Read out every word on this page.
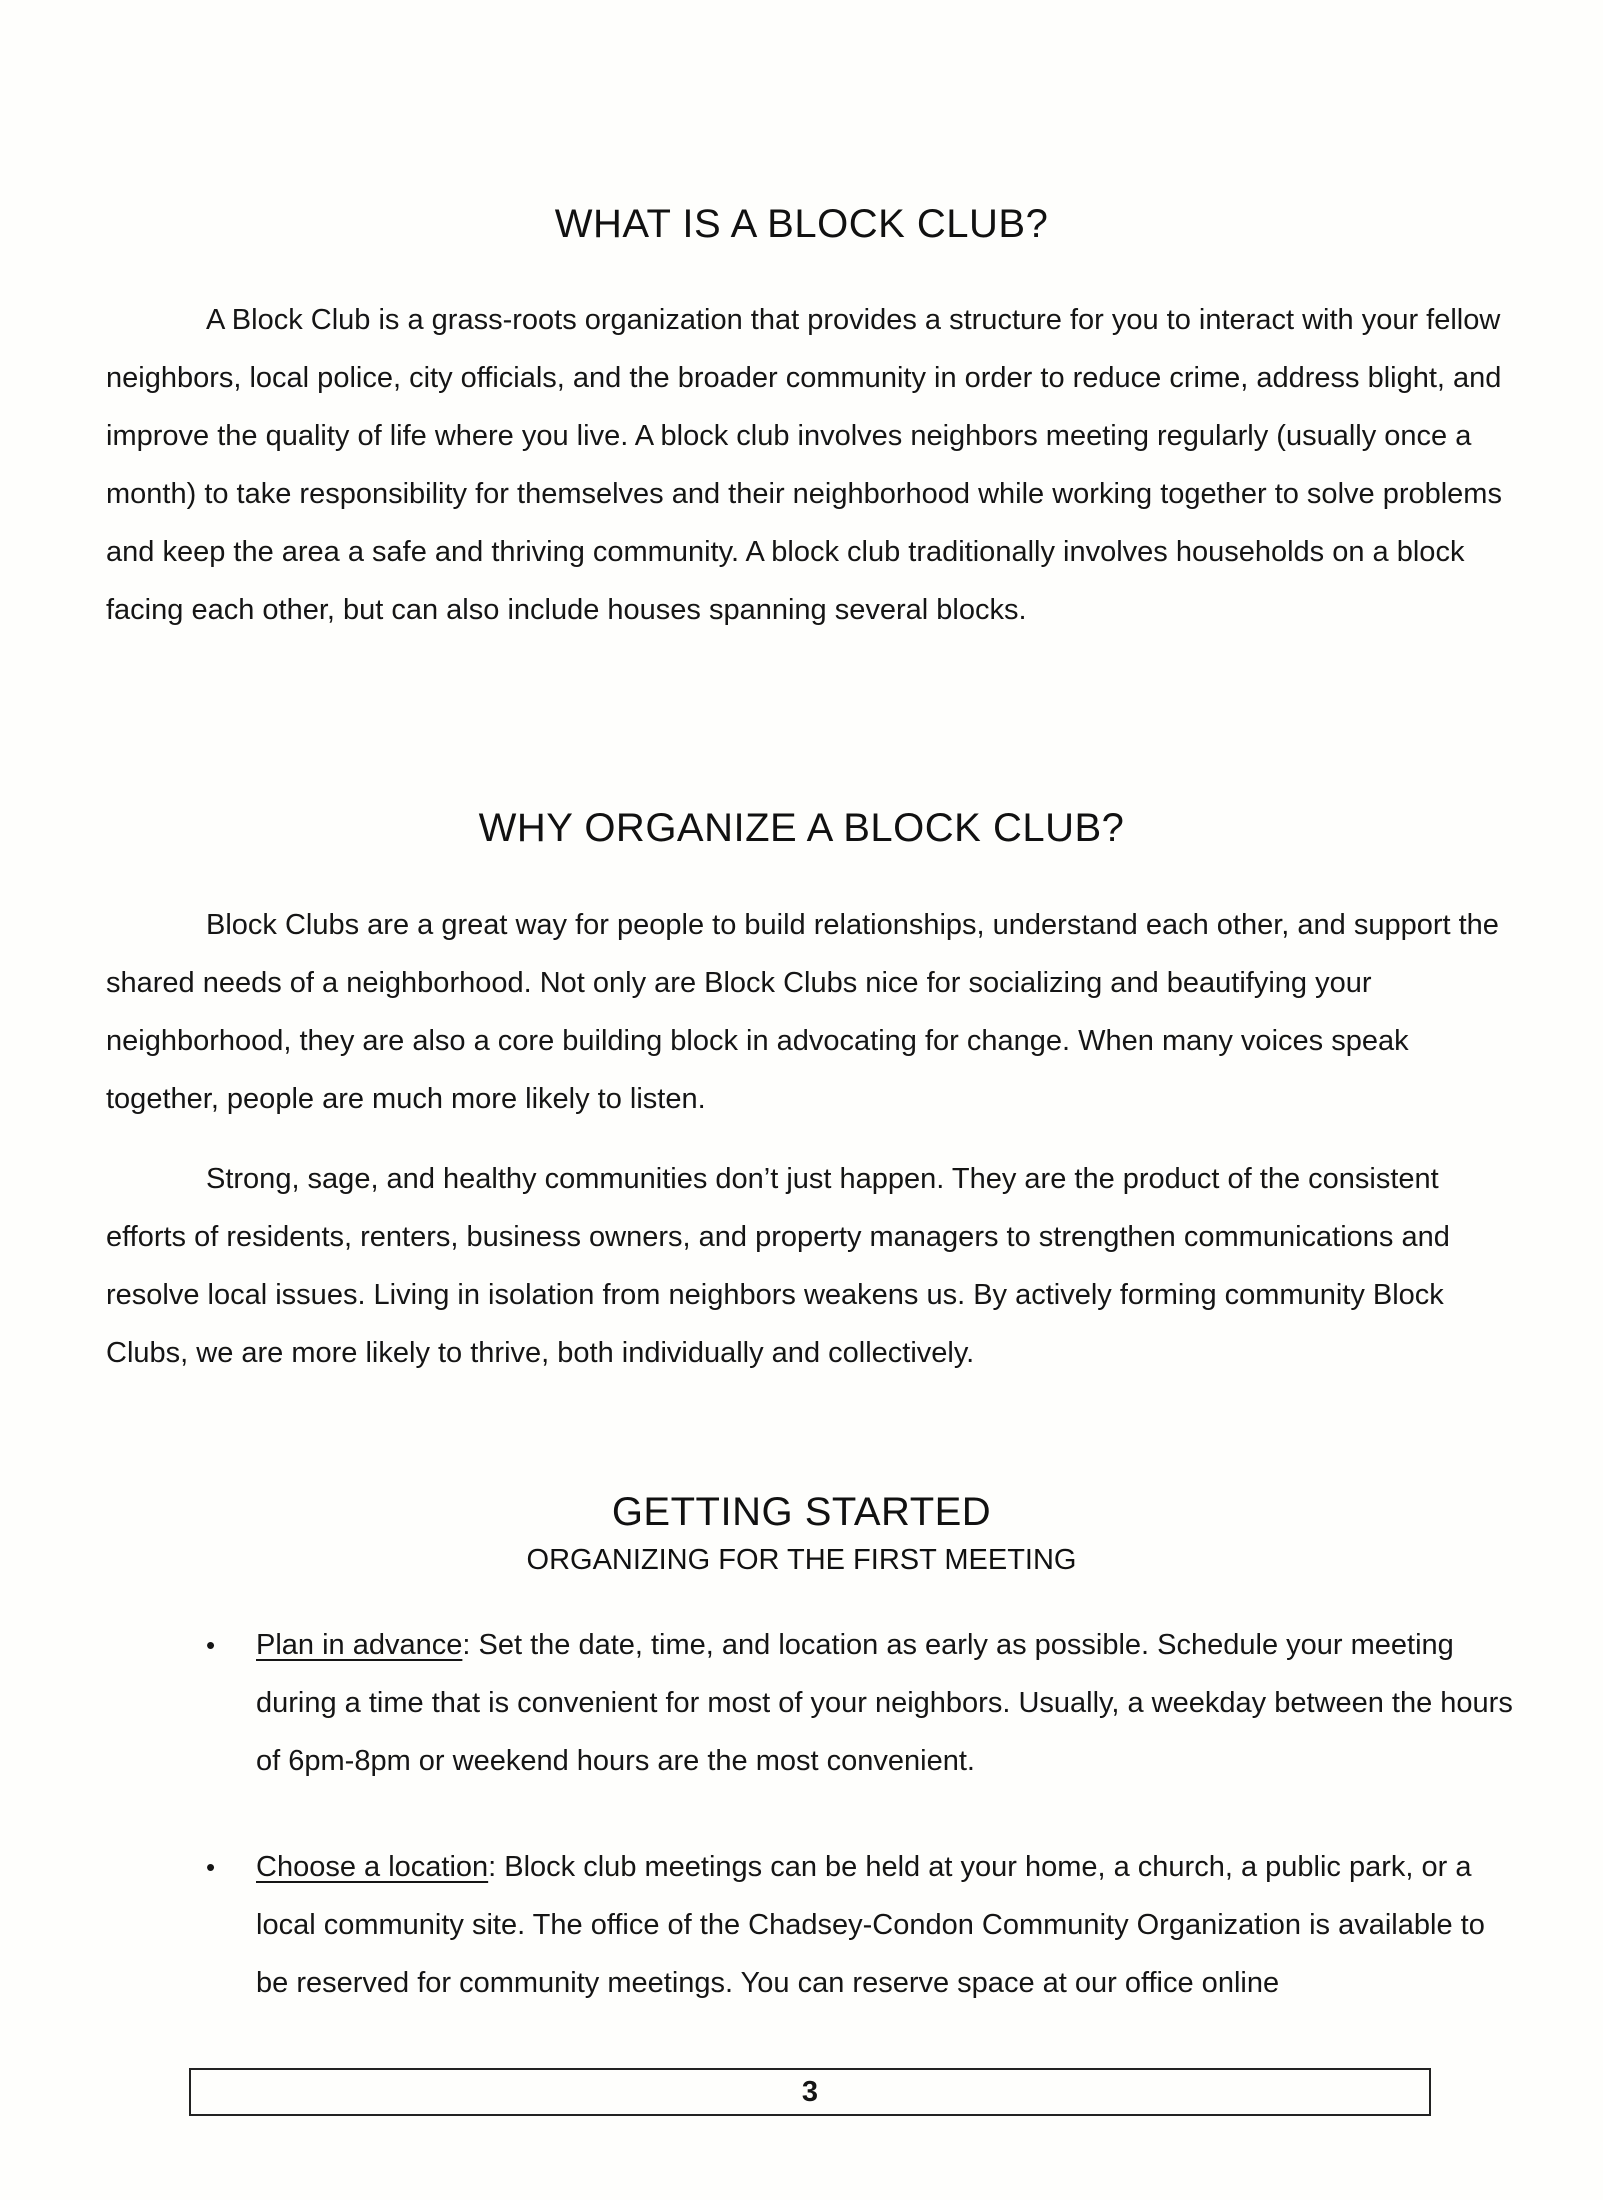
WHAT IS A BLOCK CLUB?

A Block Club is a grass-roots organization that provides a structure for you to interact with your fellow neighbors, local police, city officials, and the broader community in order to reduce crime, address blight, and improve the quality of life where you live. A block club involves neighbors meeting regularly (usually once a month) to take responsibility for themselves and their neighborhood while working together to solve problems and keep the area a safe and thriving community. A block club traditionally involves households on a block facing each other, but can also include houses spanning several blocks.

WHY ORGANIZE A BLOCK CLUB?

Block Clubs are a great way for people to build relationships, understand each other, and support the shared needs of a neighborhood. Not only are Block Clubs nice for socializing and beautifying your neighborhood, they are also a core building block in advocating for change. When many voices speak together, people are much more likely to listen.

Strong, sage, and healthy communities don’t just happen. They are the product of the consistent efforts of residents, renters, business owners, and property managers to strengthen communications and resolve local issues. Living in isolation from neighbors weakens us. By actively forming community Block Clubs, we are more likely to thrive, both individually and collectively.

GETTING STARTED
ORGANIZING FOR THE FIRST MEETING
• Plan in advance: Set the date, time, and location as early as possible. Schedule your meeting during a time that is convenient for most of your neighbors. Usually, a weekday between the hours of 6pm-8pm or weekend hours are the most convenient.
• Choose a location: Block club meetings can be held at your home, a church, a public park, or a local community site. The office of the Chadsey-Condon Community Organization is available to be reserved for community meetings. You can reserve space at our office online
3
